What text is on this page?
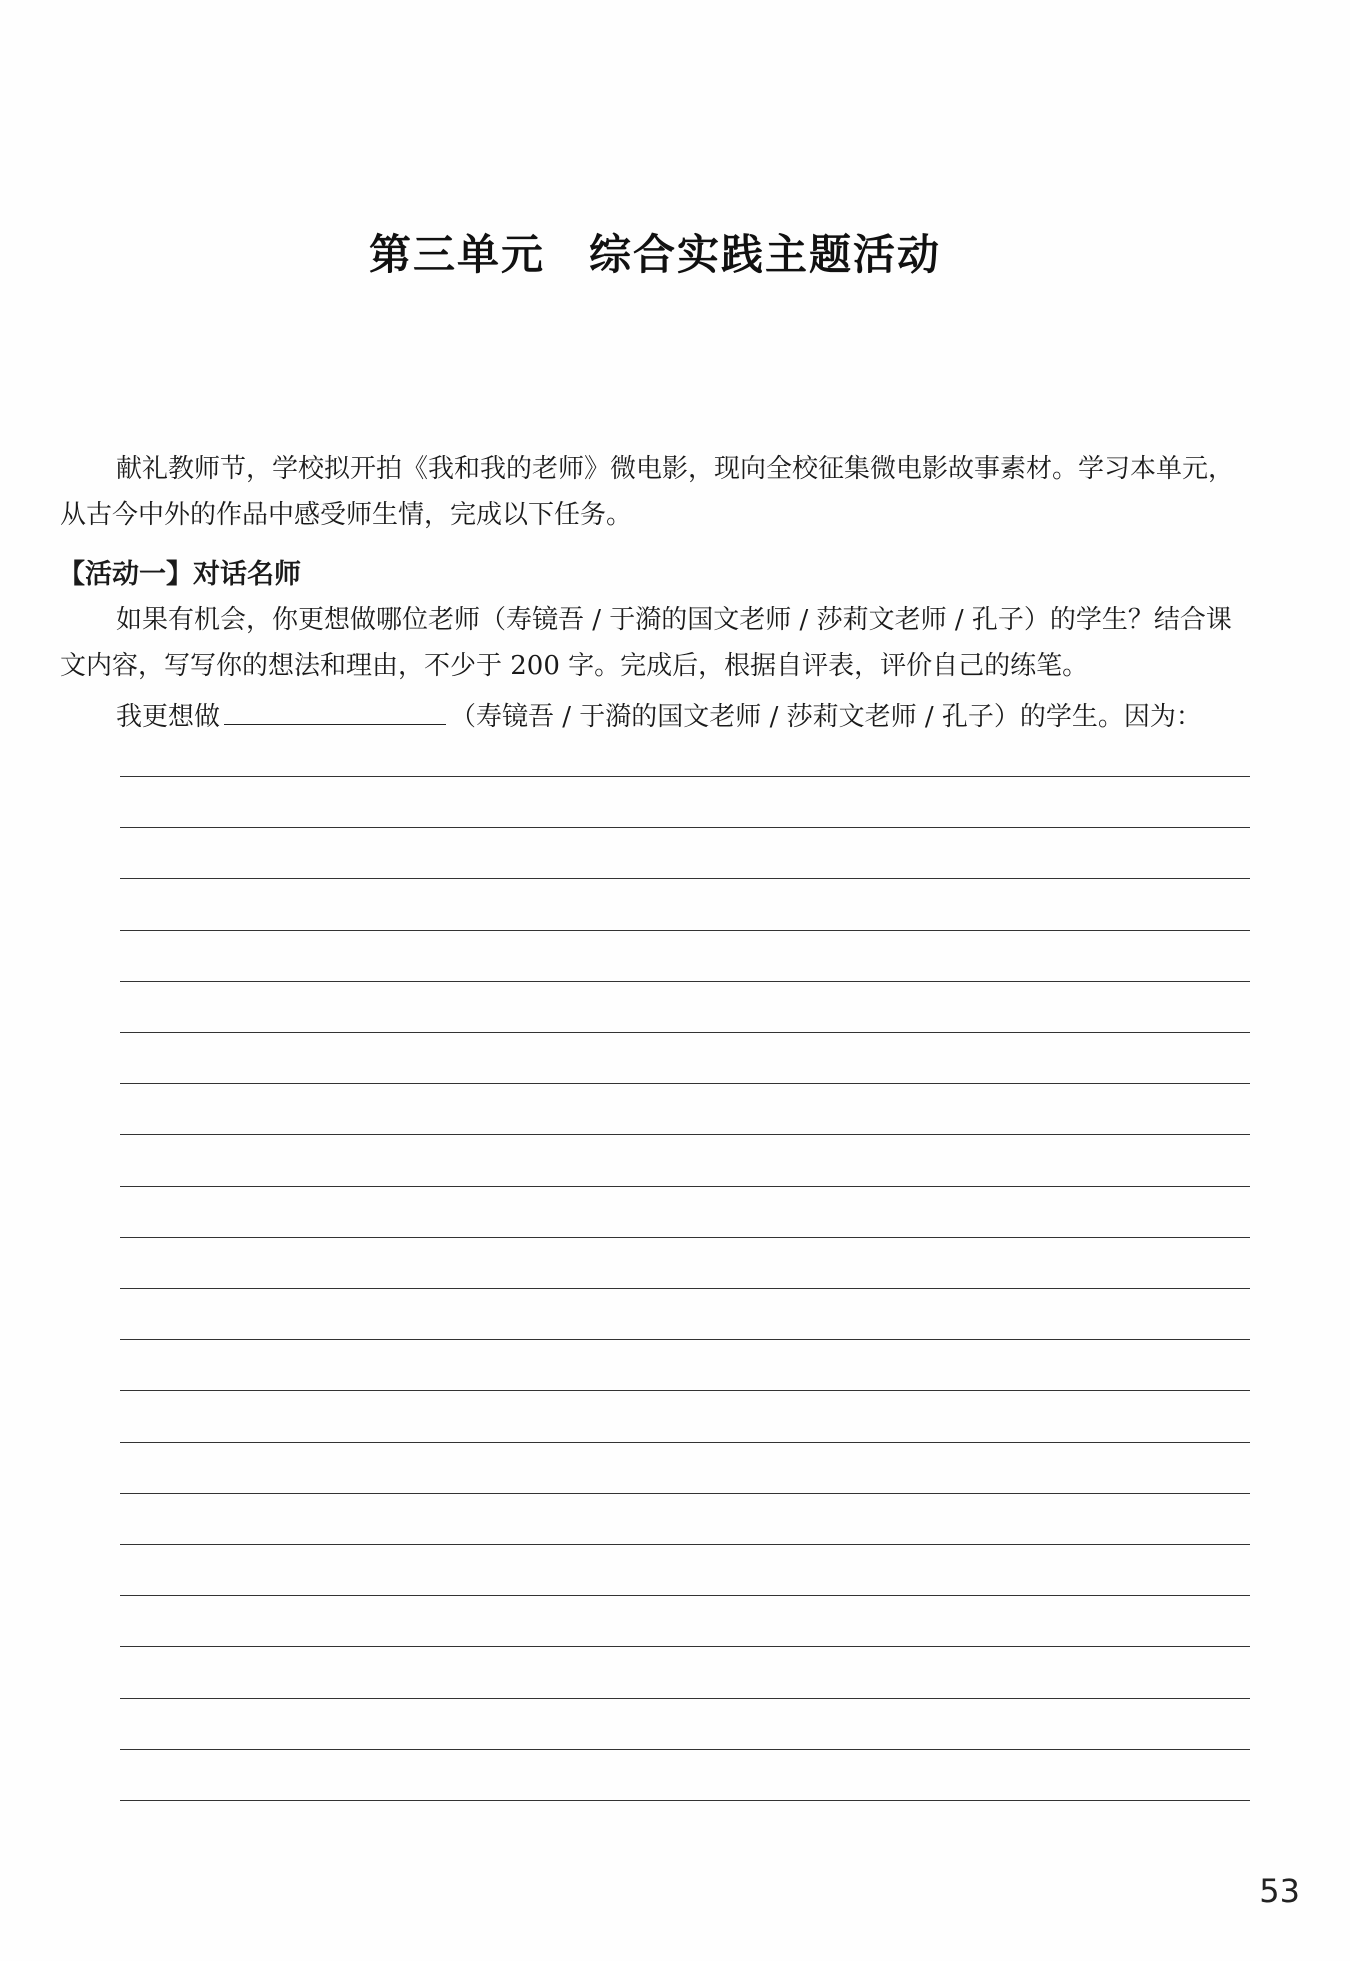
第三单元　综合实践主题活动
献礼教师节，学校拟开拍《我和我的老师》微电影，现向全校征集微电影故事素材。学习本单元，从古今中外的作品中感受师生情，完成以下任务。
【活动一】对话名师
如果有机会，你更想做哪位老师（寿镜吾 / 于漪的国文老师 / 莎莉文老师 / 孔子）的学生？结合课文内容，写写你的想法和理由，不少于 200 字。完成后，根据自评表，评价自己的练笔。
我更想做	（寿镜吾 / 于漪的国文老师 / 莎莉文老师 / 孔子）的学生。因为：
53
